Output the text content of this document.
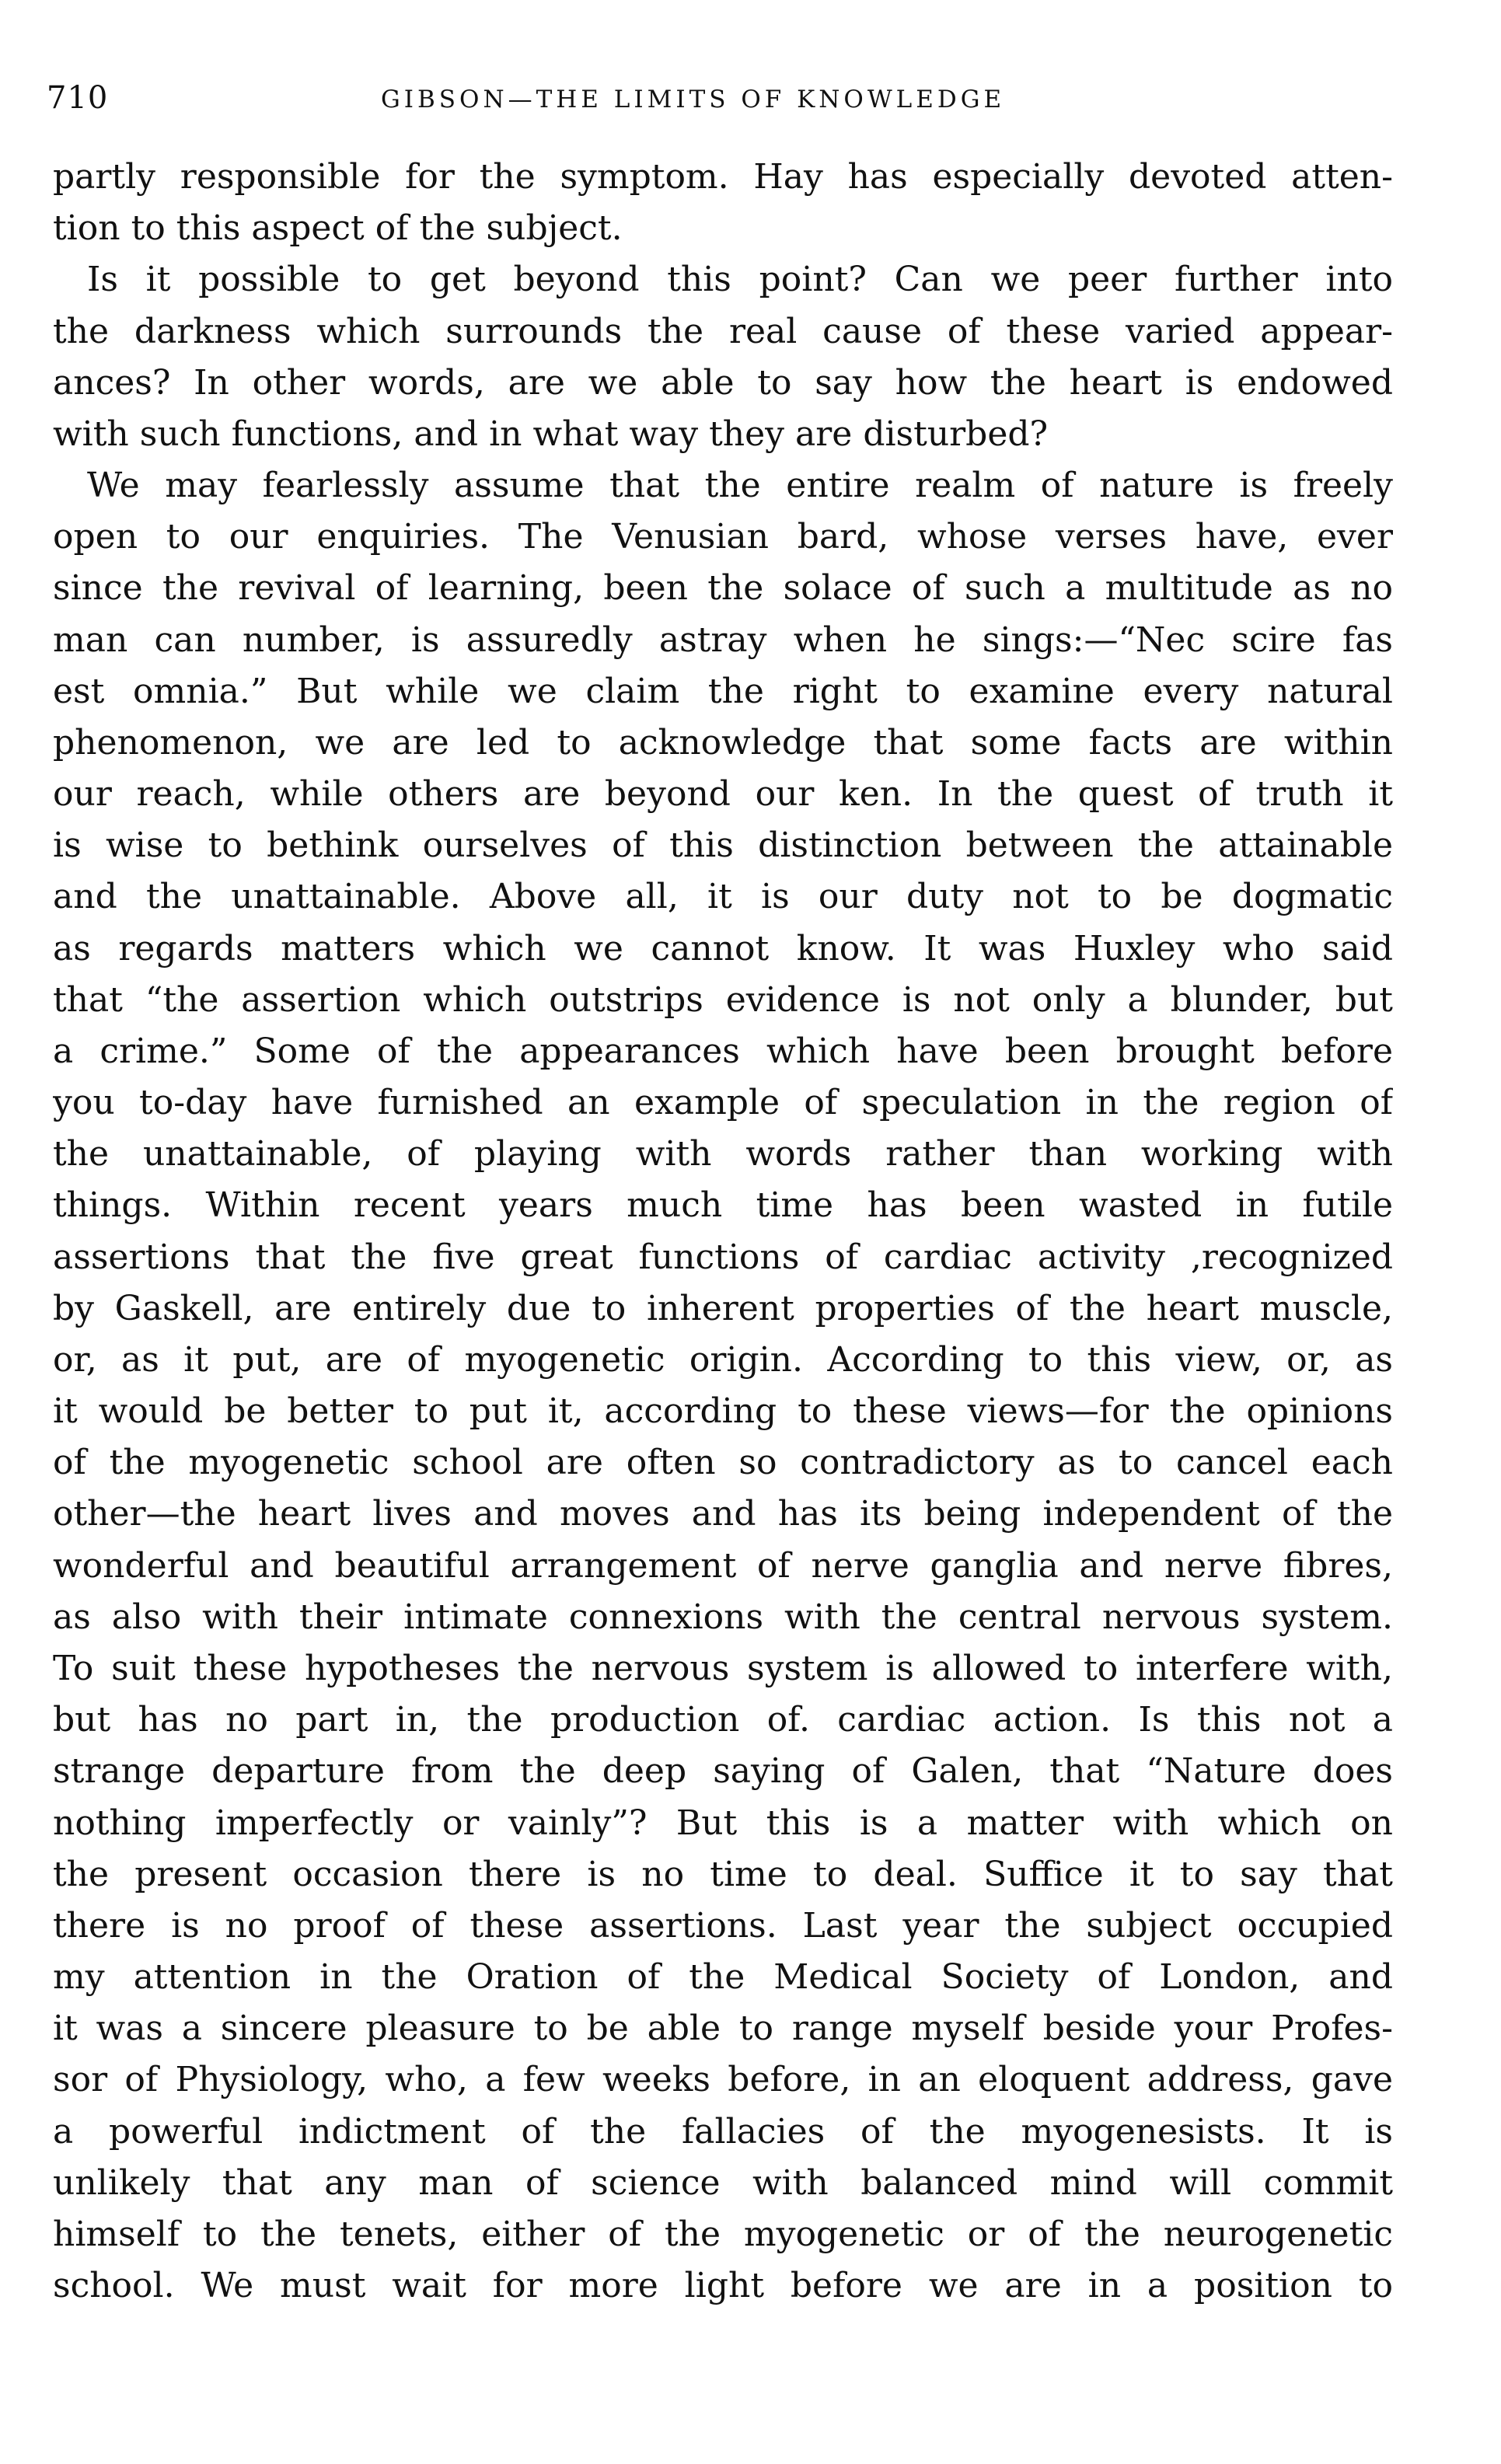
710	GIBSON—THE LIMITS OF KNOWLEDGE
partly responsible for the symptom. Hay has especially devoted atten-
tion to this aspect of the subject.
Is it possible to get beyond this point? Can we peer further into
the darkness which surrounds the real cause of these varied appear-
ances? In other words, are we able to say how the heart is endowed
with such functions, and in what way they are disturbed?
We may fearlessly assume that the entire realm of nature is freely
open to our enquiries. The Venusian bard, whose verses have, ever
since the revival of learning, been the solace of such a multitude as no
man can number, is assuredly astray when he sings:—“Nec scire fas
est omnia.” But while we claim the right to examine every natural
phenomenon, we are led to acknowledge that some facts are within
our reach, while others are beyond our ken. In the quest of truth it
is wise to bethink ourselves of this distinction between the attainable
and the unattainable. Above all, it is our duty not to be dogmatic
as regards matters which we cannot know. It was Huxley who said
that “the assertion which outstrips evidence is not only a blunder, but
a crime.” Some of the appearances which have been brought before
you to-day have furnished an example of speculation in the region of
the unattainable, of playing with words rather than working with
things. Within recent years much time has been wasted in futile
assertions that the five great functions of cardiac activity ,recognized
by Gaskell, are entirely due to inherent properties of the heart muscle,
or, as it put, are of myogenetic origin. According to this view, or, as
it would be better to put it, according to these views—for the opinions
of the myogenetic school are often so contradictory as to cancel each
other—the heart lives and moves and has its being independent of the
wonderful and beautiful arrangement of nerve ganglia and nerve fibres,
as also with their intimate connexions with the central nervous system.
To suit these hypotheses the nervous system is allowed to interfere with,
but has no part in, the production of. cardiac action. Is this not a
strange departure from the deep saying of Galen, that “Nature does
nothing imperfectly or vainly”? But this is a matter with which on
the present occasion there is no time to deal. Suffice it to say that
there is no proof of these assertions. Last year the subject occupied
my attention in the Oration of the Medical Society of London, and
it was a sincere pleasure to be able to range myself beside your Profes-
sor of Physiology, who, a few weeks before, in an eloquent address, gave
a powerful indictment of the fallacies of the myogenesists. It is
unlikely that any man of science with balanced mind will commit
himself to the tenets, either of the myogenetic or of the neurogenetic
school. We must wait for more light before we are in a position to
